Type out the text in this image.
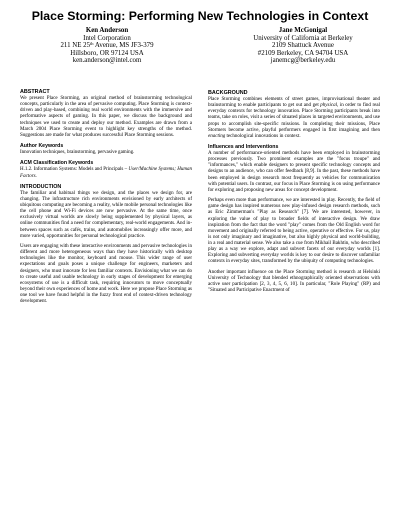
Place Storming: Performing New Technologies in Context
Ken Anderson
Intel Corporation
211 NE 25th Avenue, MS JF3-379
Hillsboro, OR 97124 USA
ken.anderson@intel.com
Jane McGonigal
University of California at Berkeley
2109 Shattuck Avenue
#2109 Berkeley, CA 94704 USA
janemcg@berkeley.edu
ABSTRACT

We present Place Storming, an original method of brainstorming technological concepts, particularly in the area of pervasive computing. Place Storming is context-driven and play-based, combining real world environments with the immersive and performative aspects of gaming. In this paper, we discuss the background and techniques we used to create and deploy our method. Examples are drawn from a March 2004 Place Storming event to highlight key strengths of the method. Suggestions are made for what produces successful Place Storming sessions.

Author Keywords

Innovation techniques, brainstorming, pervasive gaming.

ACM Classification Keywords

H.1.2. Information Systems: Models and Principals – User/Machine Systems; Human Factors.

INTRODUCTION

The familiar and habitual things we design, and the places we design for, are changing. The infrastructure rich environments envisioned by early architects of ubiquitous computing are becoming a reality, while mobile personal technologies like the cell phone and Wi-Fi devices are now pervasive. At the same time, once exclusively virtual worlds are slowly being supplemented by physical layers, as online communities find a need for complementary, real-world engagements. And in-between spaces such as cafés, trains, and automobiles increasingly offer more, and more varied, opportunities for personal technological practice.

Users are engaging with these interactive environments and pervasive technologies in different and more heterogeneous ways than they have historically with desktop technologies like the monitor, keyboard and mouse. This wider range of user expectations and goals poses a unique challenge for engineers, marketers and designers, who must innovate for less familiar contexts. Envisioning what we can do to create useful and usable technology in early stages of development for emerging ecosystems of use is a difficult task, requiring innovators to move conceptually beyond their own experiences of home and work. Here we propose Place Storming as one tool we have found helpful in the fuzzy front end of context-driven technology development.

BACKGROUND

Place Storming combines elements of street games, improvisational theater and brainstorming to enable participants to get out and get physical, in order to find real everyday contexts for technology innovation. Place Storming participants break into teams, take on roles, visit a series of situated places in targeted environments, and use props to accomplish site-specific missions. In completing their missions, Place Stormers become active, playful performers engaged in first imagining and then enacting technological innovations in context.

Influences and Interventions

A number of performance-oriented methods have been employed in brainstorming processes previously. Two prominent examples are the "focus troupe" and "informances," which enable designers to present specific technology concepts and designs to an audience, who can offer feedback [8,9]. In the past, these methods have been employed in design research most frequently as vehicles for communication with potential users. In contrast, our focus in Place Storming is on using performance for exploring and proposing new areas for concept development.

Perhaps even more than performance, we are interested in play. Recently, the field of game design has inspired numerous new play-infused design research methods, such as Eric Zimmerman's "Play as Research" [7]. We are interested, however, in exploring the value of play to broader fields of interactive design. We draw inspiration from the fact that the word "play" comes from the Old English word for movement and originally referred to being active, operative or effective. For us, play is not only imaginary and imaginative, but also highly physical and world-building, in a real and material sense. We also take a cue from Mikhail Bakhtin, who described play as a way we explore, adapt and subvert facets of our everyday worlds [1]. Exploring and subverting everyday worlds is key to our desire to discover unfamiliar contexts in everyday sites, transformed by the ubiquity of computing technologies.

Another important influence on the Place Storming method is research at Helsinki University of Technology that blended ethnographically oriented observations with active user participation [2, 3, 4, 5, 6, 10]. In particular, "Role Playing" (RP) and "Situated and Participative Enactment of
